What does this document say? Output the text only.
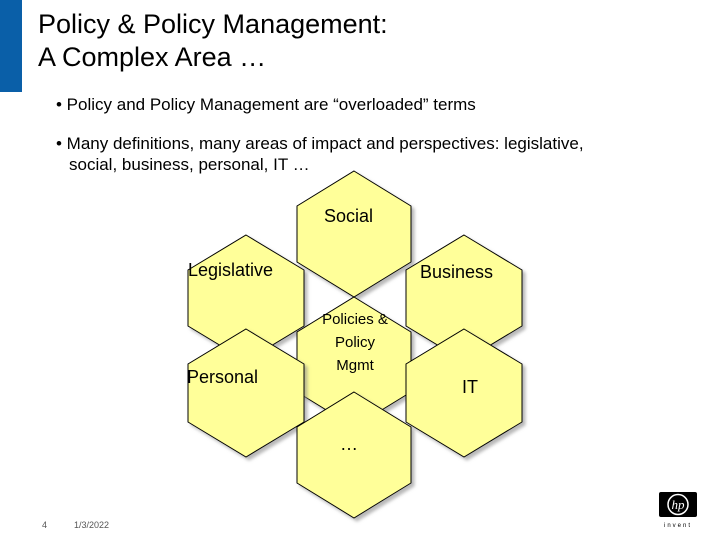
Policy & Policy Management:
A Complex Area …
• Policy and Policy Management are “overloaded” terms
• Many definitions, many areas of impact and perspectives: legislative,
social, business, personal, IT …
Social
Legislative	Business
Policies &
Policy
Mgmt
Personal	IT
…
4	1/3/2022
hp
invent
